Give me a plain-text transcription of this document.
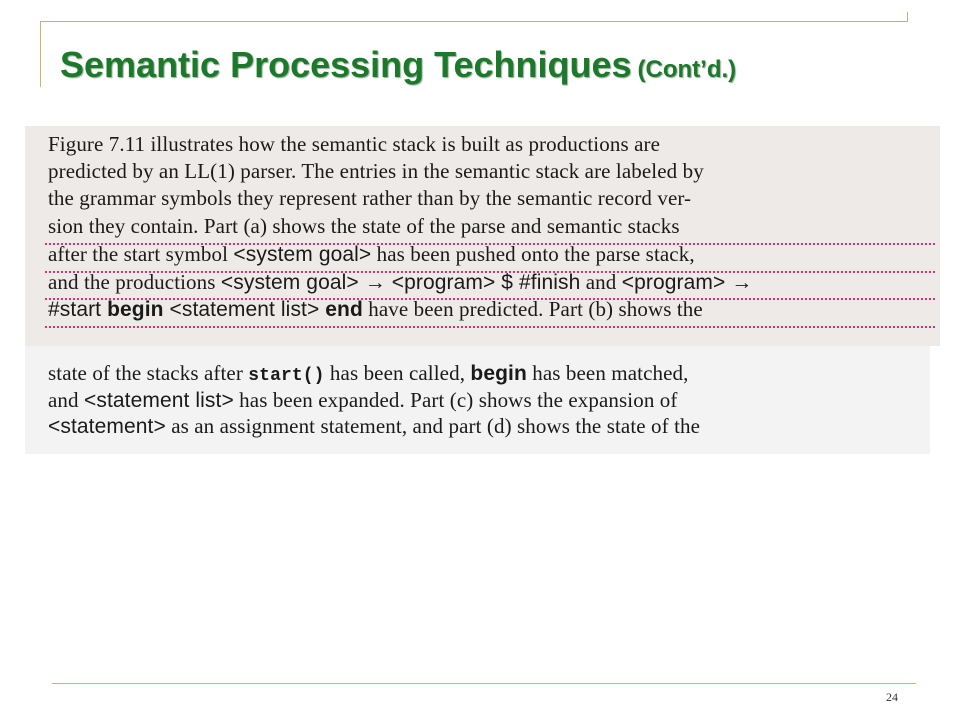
Semantic Processing Techniques (Cont’d.)
Figure 7.11 illustrates how the semantic stack is built as productions are
predicted by an LL(1) parser. The entries in the semantic stack are labeled by
the grammar symbols they represent rather than by the semantic record ver-
sion they contain. Part (a) shows the state of the parse and semantic stacks
after the start symbol <system goal> has been pushed onto the parse stack,
and the productions <system goal> → <program> $ #finish and <program> →
#start begin <statement list> end have been predicted. Part (b) shows the
state of the stacks after start() has been called, begin has been matched,
and <statement list> has been expanded. Part (c) shows the expansion of
<statement> as an assignment statement, and part (d) shows the state of the
24
